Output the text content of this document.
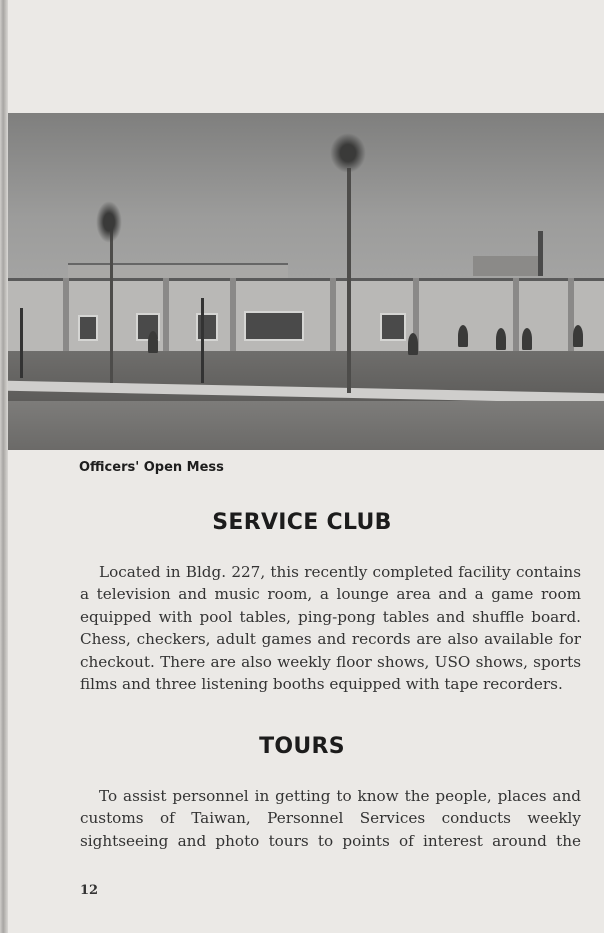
Officers' Open Mess
SERVICE CLUB

Located in Bldg. 227, this recently completed facility contains a television and music room, a lounge area and a game room equipped with pool tables, ping-pong tables and shuffle board. Chess, checkers, adult games and records are also available for checkout. There are also weekly floor shows, USO shows, sports films and three listening booths equipped with tape recorders.

TOURS

To assist personnel in getting to know the people, places and customs of Taiwan, Personnel Services conducts weekly sightseeing and photo tours to points of interest around the

12
